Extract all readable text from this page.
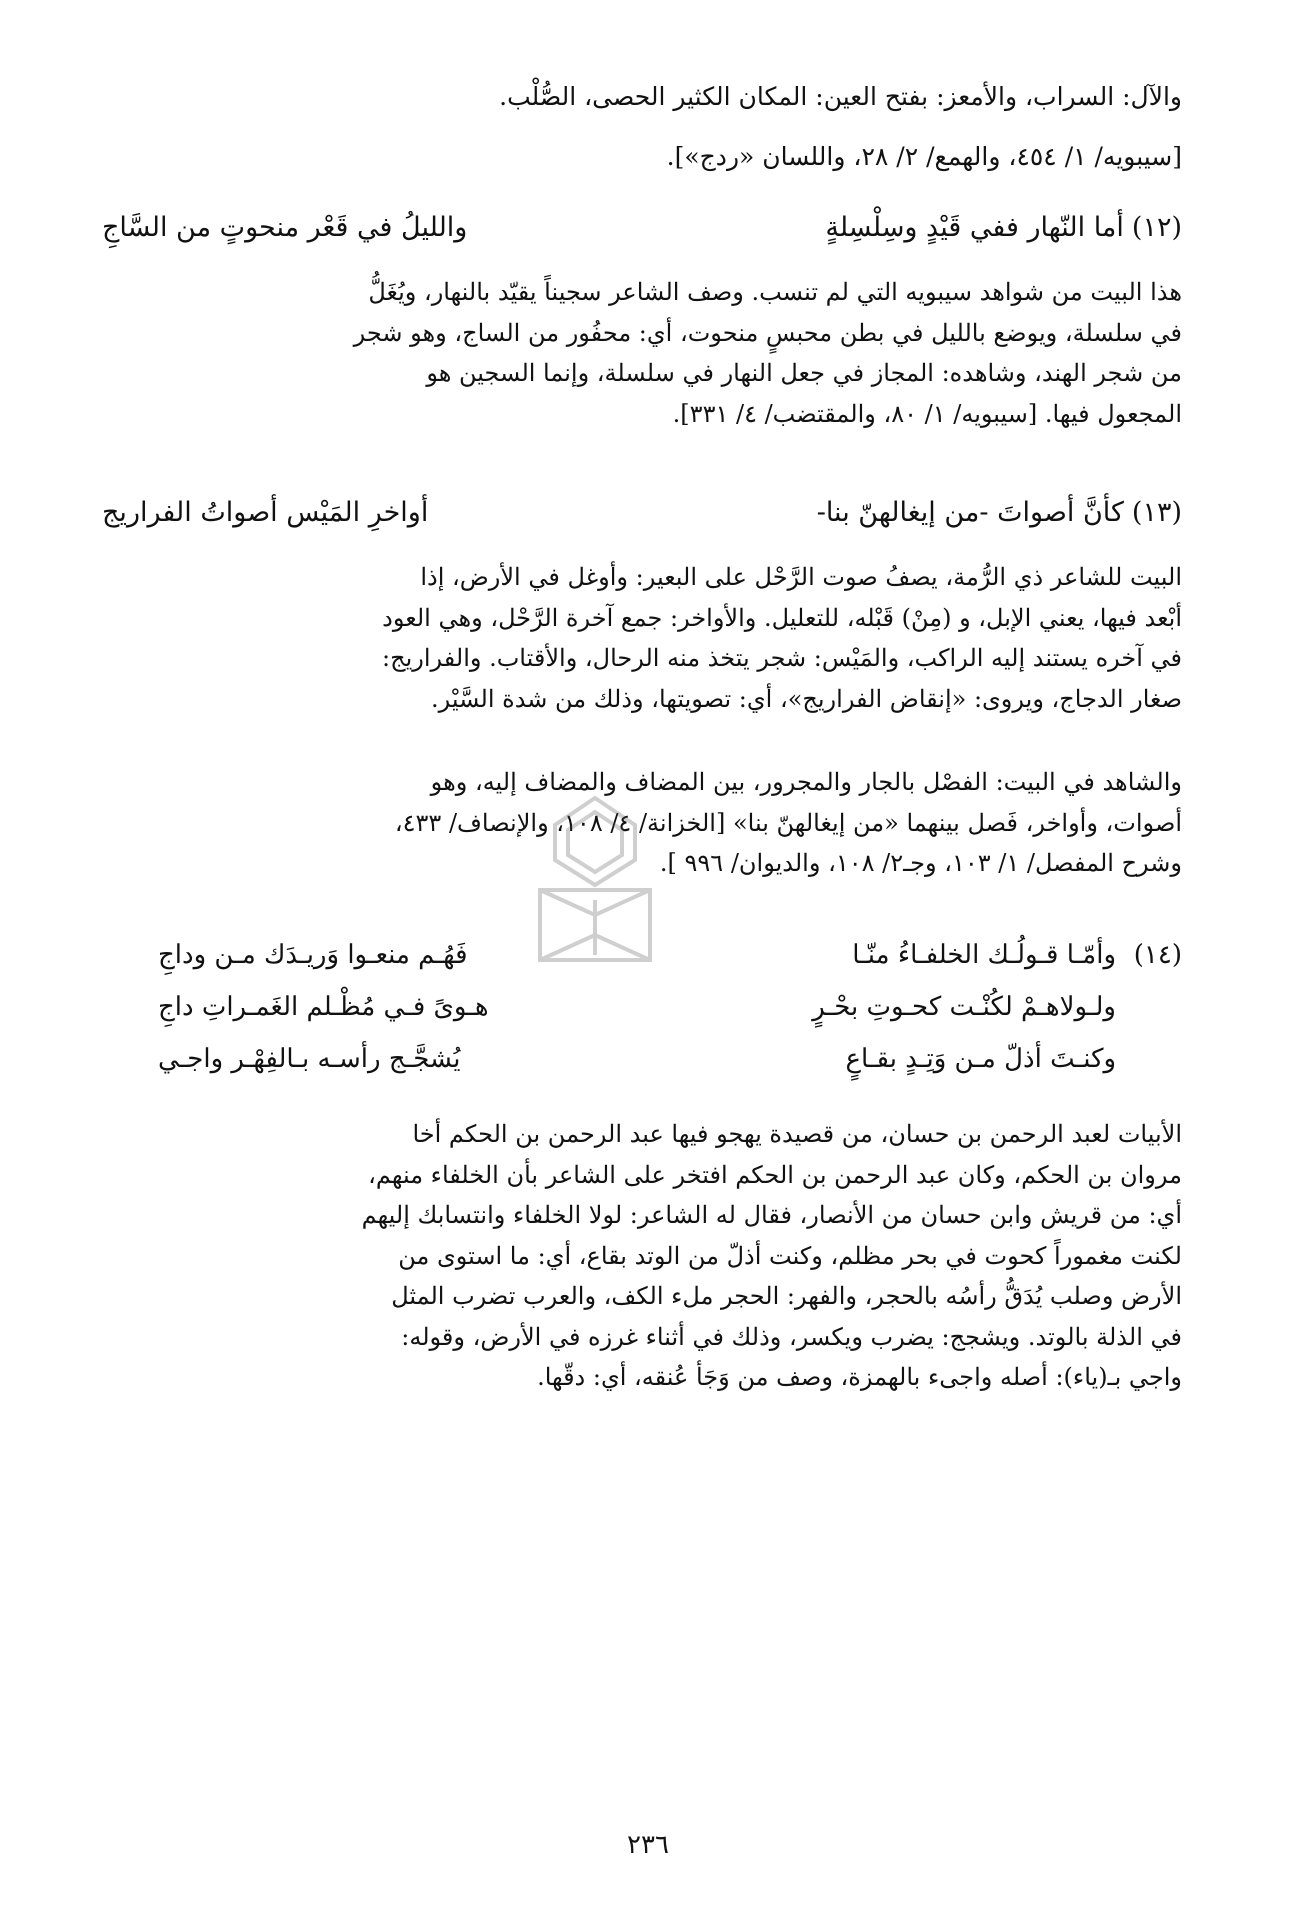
والآل: السراب، والأمعز: بفتح العين: المكان الكثير الحصى، الصُّلْب.
[سيبويه/ ١/ ٤٥٤، والهمع/ ٢/ ٢٨، واللسان «ردج»].
(١٢)
أما النّهار ففي قَيْدٍ وسِلْسِلةٍ
والليلُ في قَعْر منحوتٍ من السَّاجِ
هذا البيت من شواهد سيبويه التي لم تنسب. وصف الشاعر سجيناً يقيّد بالنهار، ويُغَلُّ
في سلسلة، ويوضع بالليل في بطن محبسٍ منحوت، أي: محفُور من الساج، وهو شجر
من شجر الهند، وشاهده: المجاز في جعل النهار في سلسلة، وإنما السجين هو
المجعول فيها. [سيبويه/ ١/ ٨٠، والمقتضب/ ٤/ ٣٣١].
(١٣)
كأنَّ أصواتَ -من إيغالهنّ بنا-
أواخرِ المَيْس أصواتُ الفراريج
البيت للشاعر ذي الرُّمة، يصفُ صوت الرَّحْل على البعير: وأوغل في الأرض، إذا
أبْعد فيها، يعني الإبل، و (مِنْ) قَبْله، للتعليل. والأواخر: جمع آخرة الرَّحْل، وهي العود
في آخره يستند إليه الراكب، والمَيْس: شجر يتخذ منه الرحال، والأقتاب. والفراريج:
صغار الدجاج، ويروى: «إنقاض الفراريج»، أي: تصويتها، وذلك من شدة السَّيْر.
والشاهد في البيت: الفصْل بالجار والمجرور، بين المضاف والمضاف إليه، وهو
أصوات، وأواخر، فَصل بينهما «من إيغالهنّ بنا» [الخزانة/ ٤/ ١٠٨، والإنصاف/ ٤٣٣،
وشرح المفصل/ ١/ ١٠٣، وجـ٢/ ١٠٨، والديوان/ ٩٩٦ ].
(١٤)
وأمّـا قـولُـك الخلفـاءُ منّـا
فَهُـم منعـوا وَريـدَك مـن وداجِ
ولـولاهـمْ لكُنْـت كحـوتِ بحْـرٍ
هـوىً فـي مُظْـلم الغَمـراتِ داجِ
وكنـتَ أذلّ مـن وَتِـدٍ بقـاعٍ
يُشجَّـج رأسـه بـالفِهْـر واجـي
الأبيات لعبد الرحمن بن حسان، من قصيدة يهجو فيها عبد الرحمن بن الحكم أخا
مروان بن الحكم، وكان عبد الرحمن بن الحكم افتخر على الشاعر بأن الخلفاء منهم،
أي: من قريش وابن حسان من الأنصار، فقال له الشاعر: لولا الخلفاء وانتسابك إليهم
لكنت مغموراً كحوت في بحر مظلم، وكنت أذلّ من الوتد بقاع، أي: ما استوى من
الأرض وصلب يُدَقُّ رأسُه بالحجر، والفهر: الحجر ملء الكف، والعرب تضرب المثل
في الذلة بالوتد. ويشجج: يضرب ويكسر، وذلك في أثناء غرزه في الأرض، وقوله:
واجي بـ(ياء): أصله واجىء بالهمزة، وصف من وَجَأ عُنقه، أي: دقّها.
٢٣٦
